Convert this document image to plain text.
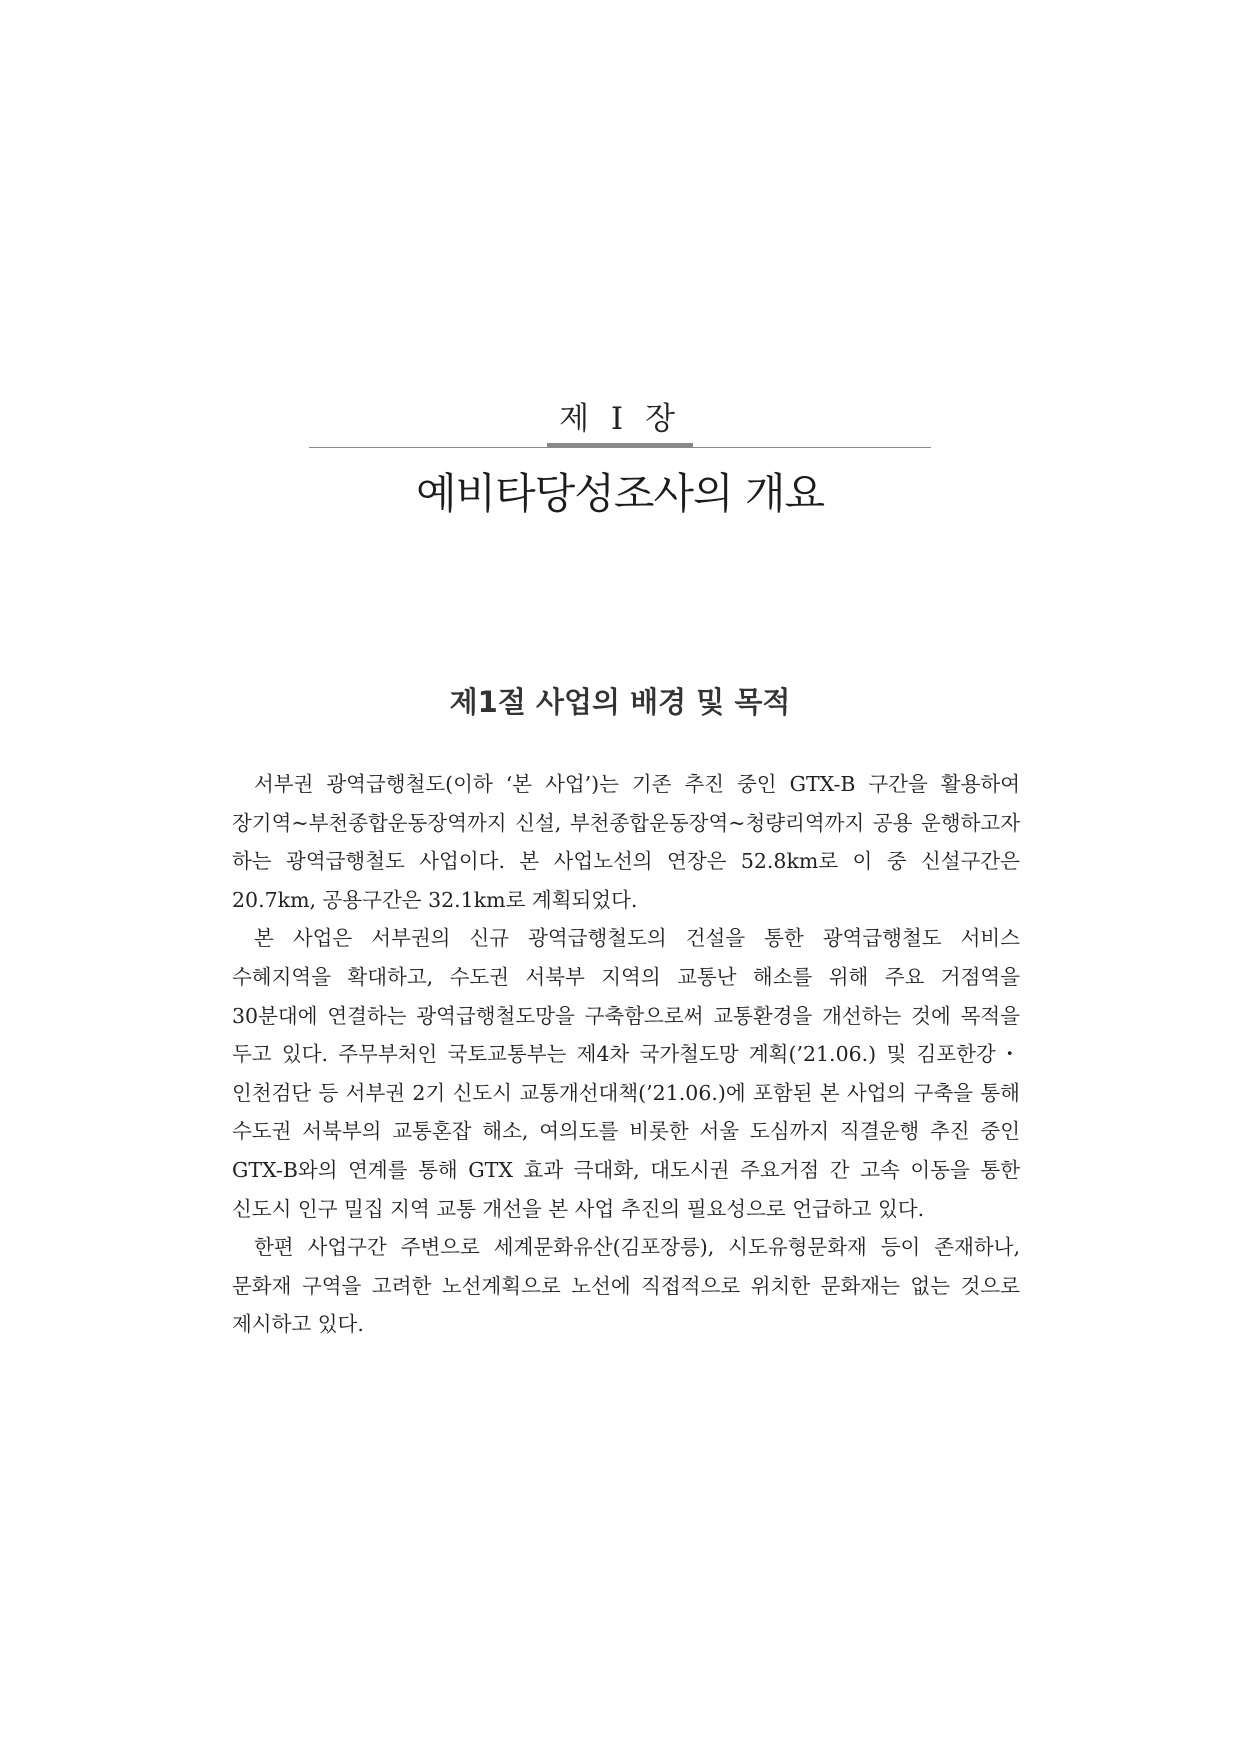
제 Ⅰ 장
예비타당성조사의 개요
제1절 사업의 배경 및 목적

서부권 광역급행철도(이하 ‘본 사업’)는 기존 추진 중인 GTX-B 구간을 활용하여 장기역~부천종합운동장역까지 신설, 부천종합운동장역~청량리역까지 공용 운행하고자 하는 광역급행철도 사업이다. 본 사업노선의 연장은 52.8km로 이 중 신설구간은 20.7km, 공용구간은 32.1km로 계획되었다.

본 사업은 서부권의 신규 광역급행철도의 건설을 통한 광역급행철도 서비스 수혜지역을 확대하고, 수도권 서북부 지역의 교통난 해소를 위해 주요 거점역을 30분대에 연결하는 광역급행철도망을 구축함으로써 교통환경을 개선하는 것에 목적을 두고 있다. 주무부처인 국토교통부는 제4차 국가철도망 계획(’21.06.) 및 김포한강・인천검단 등 서부권 2기 신도시 교통개선대책(’21.06.)에 포함된 본 사업의 구축을 통해 수도권 서북부의 교통혼잡 해소, 여의도를 비롯한 서울 도심까지 직결운행 추진 중인 GTX-B와의 연계를 통해 GTX 효과 극대화, 대도시권 주요거점 간 고속 이동을 통한 신도시 인구 밀집 지역 교통 개선을 본 사업 추진의 필요성으로 언급하고 있다.

한편 사업구간 주변으로 세계문화유산(김포장릉), 시도유형문화재 등이 존재하나, 문화재 구역을 고려한 노선계획으로 노선에 직접적으로 위치한 문화재는 없는 것으로 제시하고 있다.
